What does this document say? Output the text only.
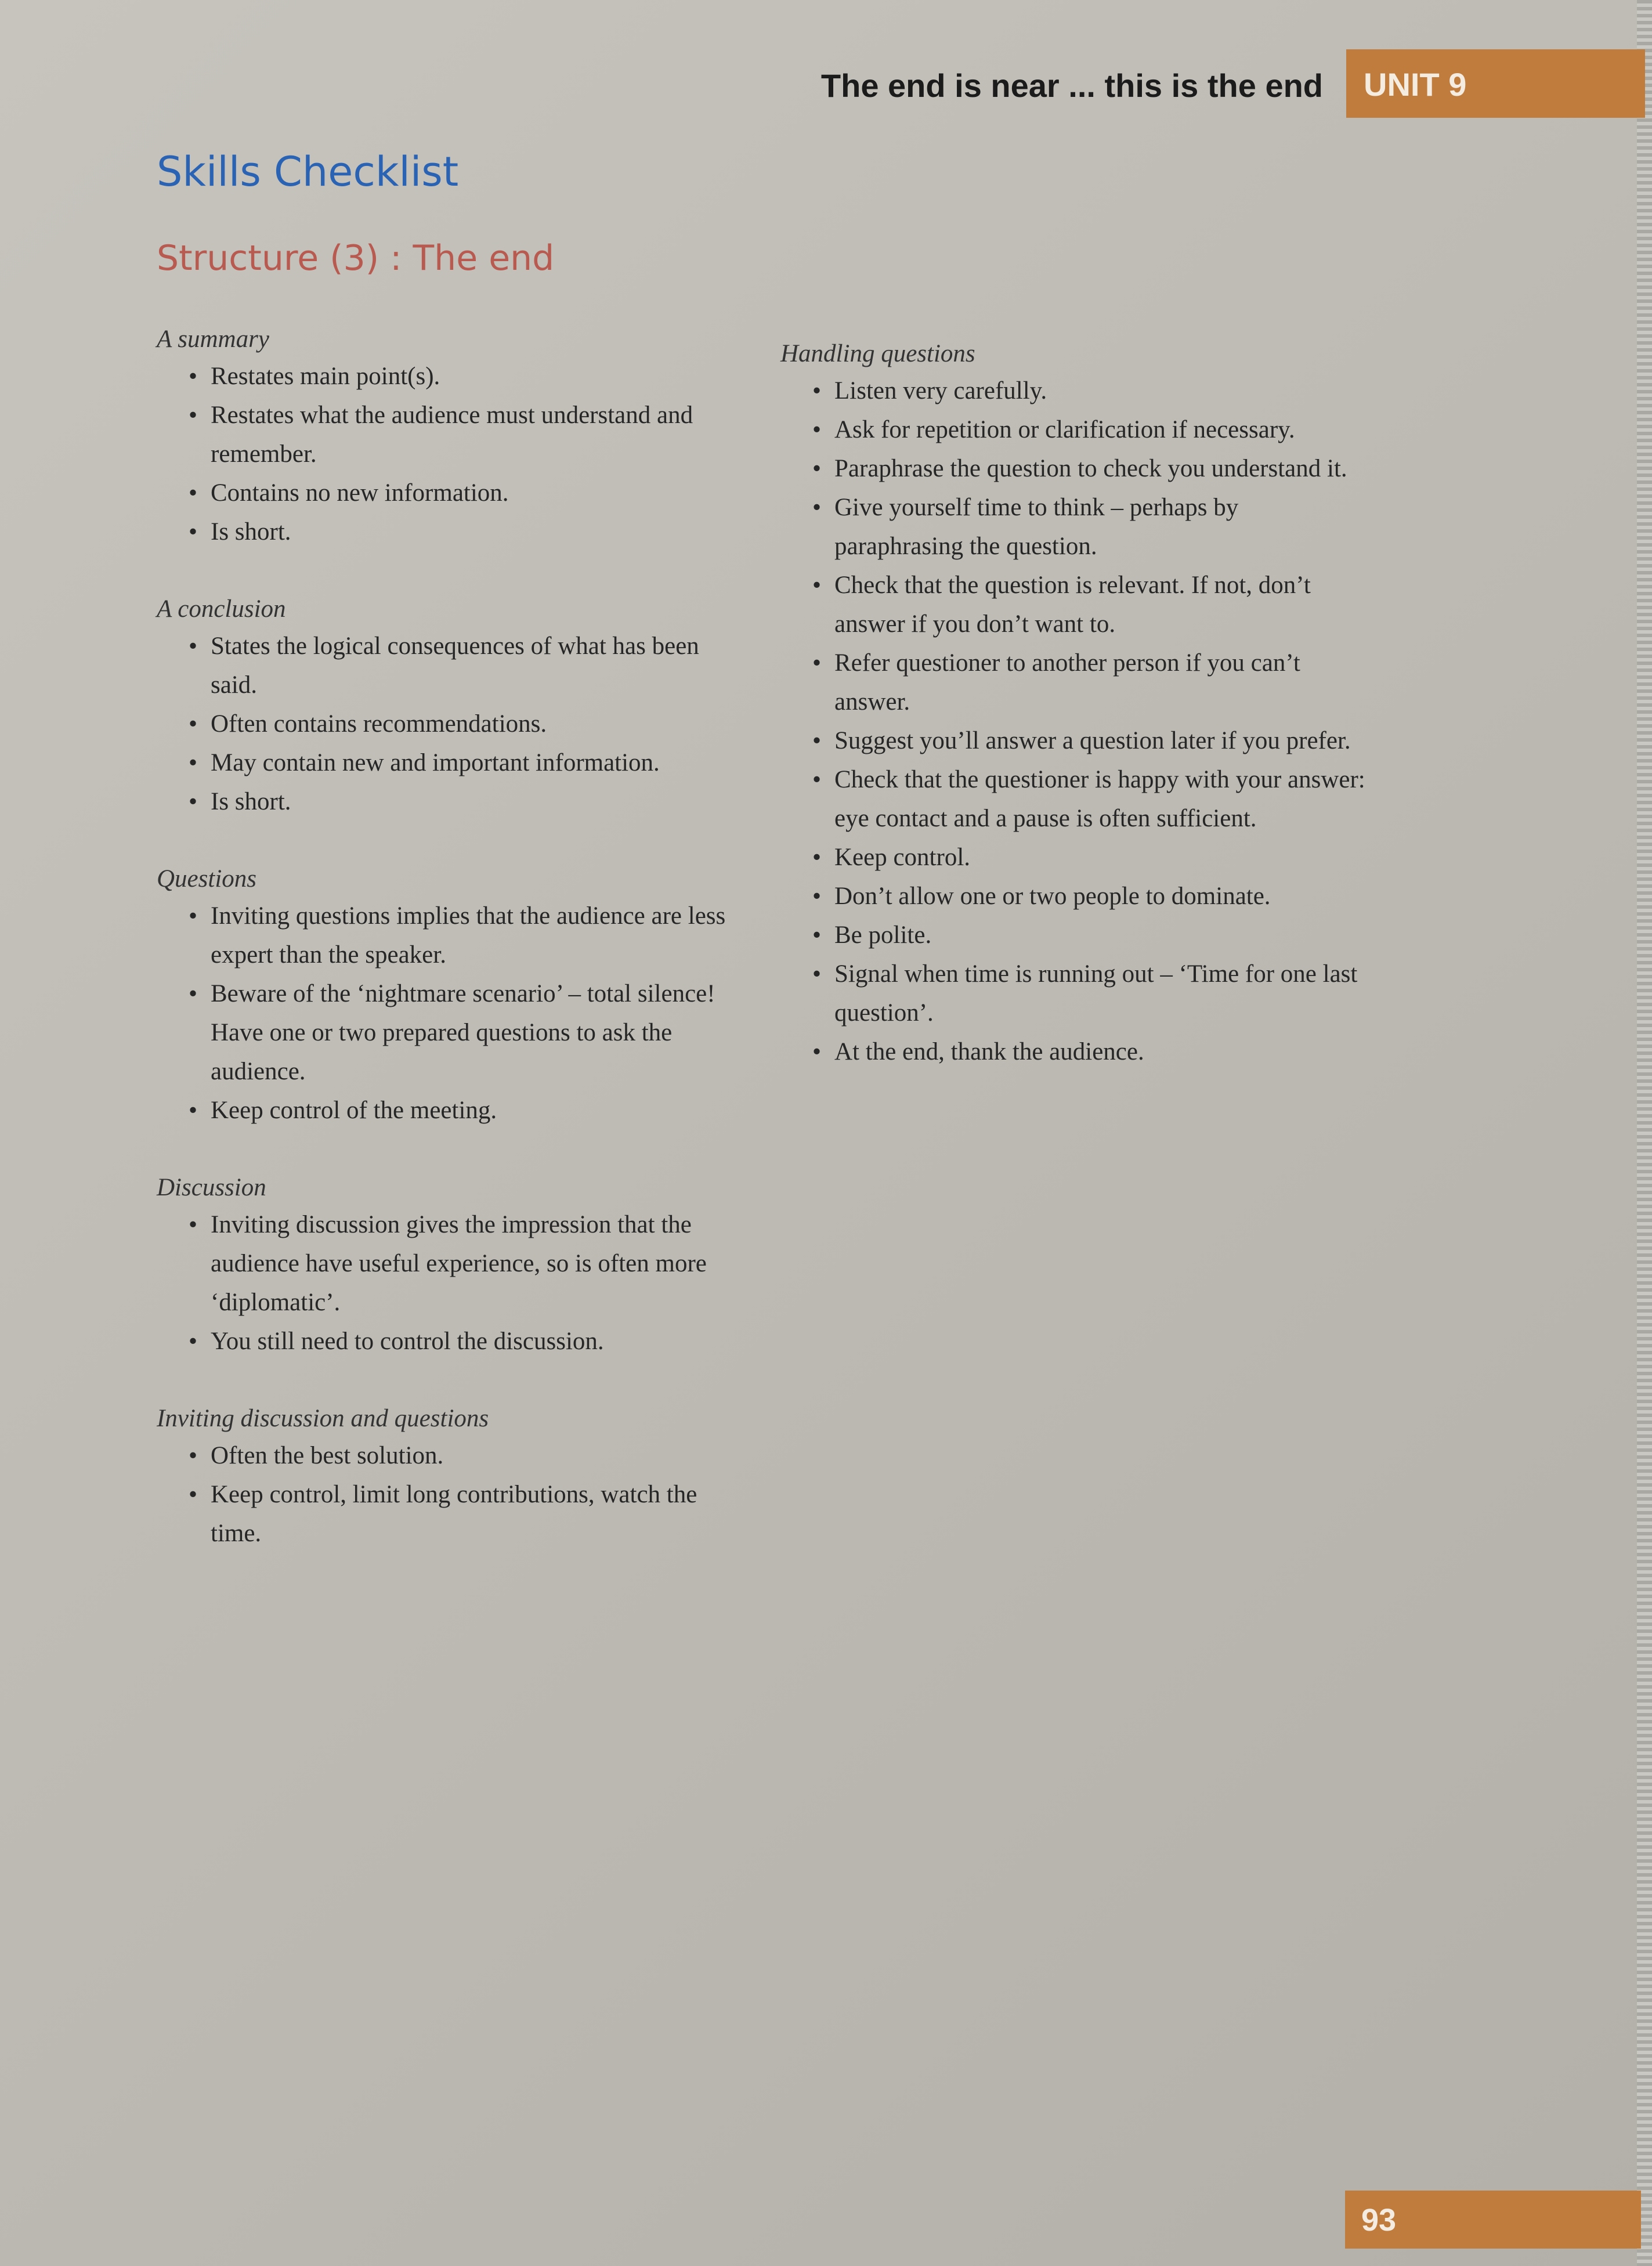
The end is near ... this is the end UNIT 9
Skills Checklist
Structure (3) : The end
A summary
• Restates main point(s).
• Restates what the audience must understand and remember.
• Contains no new information.
• Is short.
A conclusion
• States the logical consequences of what has been said.
• Often contains recommendations.
• May contain new and important information.
• Is short.
Questions
• Inviting questions implies that the audience are less expert than the speaker.
• Beware of the ‘nightmare scenario’ – total silence! Have one or two prepared questions to ask the audience.
• Keep control of the meeting.
Discussion
• Inviting discussion gives the impression that the audience have useful experience, so is often more ‘diplomatic’.
• You still need to control the discussion.
Inviting discussion and questions
• Often the best solution.
• Keep control, limit long contributions, watch the time.
Handling questions
• Listen very carefully.
• Ask for repetition or clarification if necessary.
• Paraphrase the question to check you understand it.
• Give yourself time to think – perhaps by paraphrasing the question.
• Check that the question is relevant. If not, don’t answer if you don’t want to.
• Refer questioner to another person if you can’t answer.
• Suggest you’ll answer a question later if you prefer.
• Check that the questioner is happy with your answer: eye contact and a pause is often sufficient.
• Keep control.
• Don’t allow one or two people to dominate.
• Be polite.
• Signal when time is running out – ‘Time for one last question’.
• At the end, thank the audience.
93
